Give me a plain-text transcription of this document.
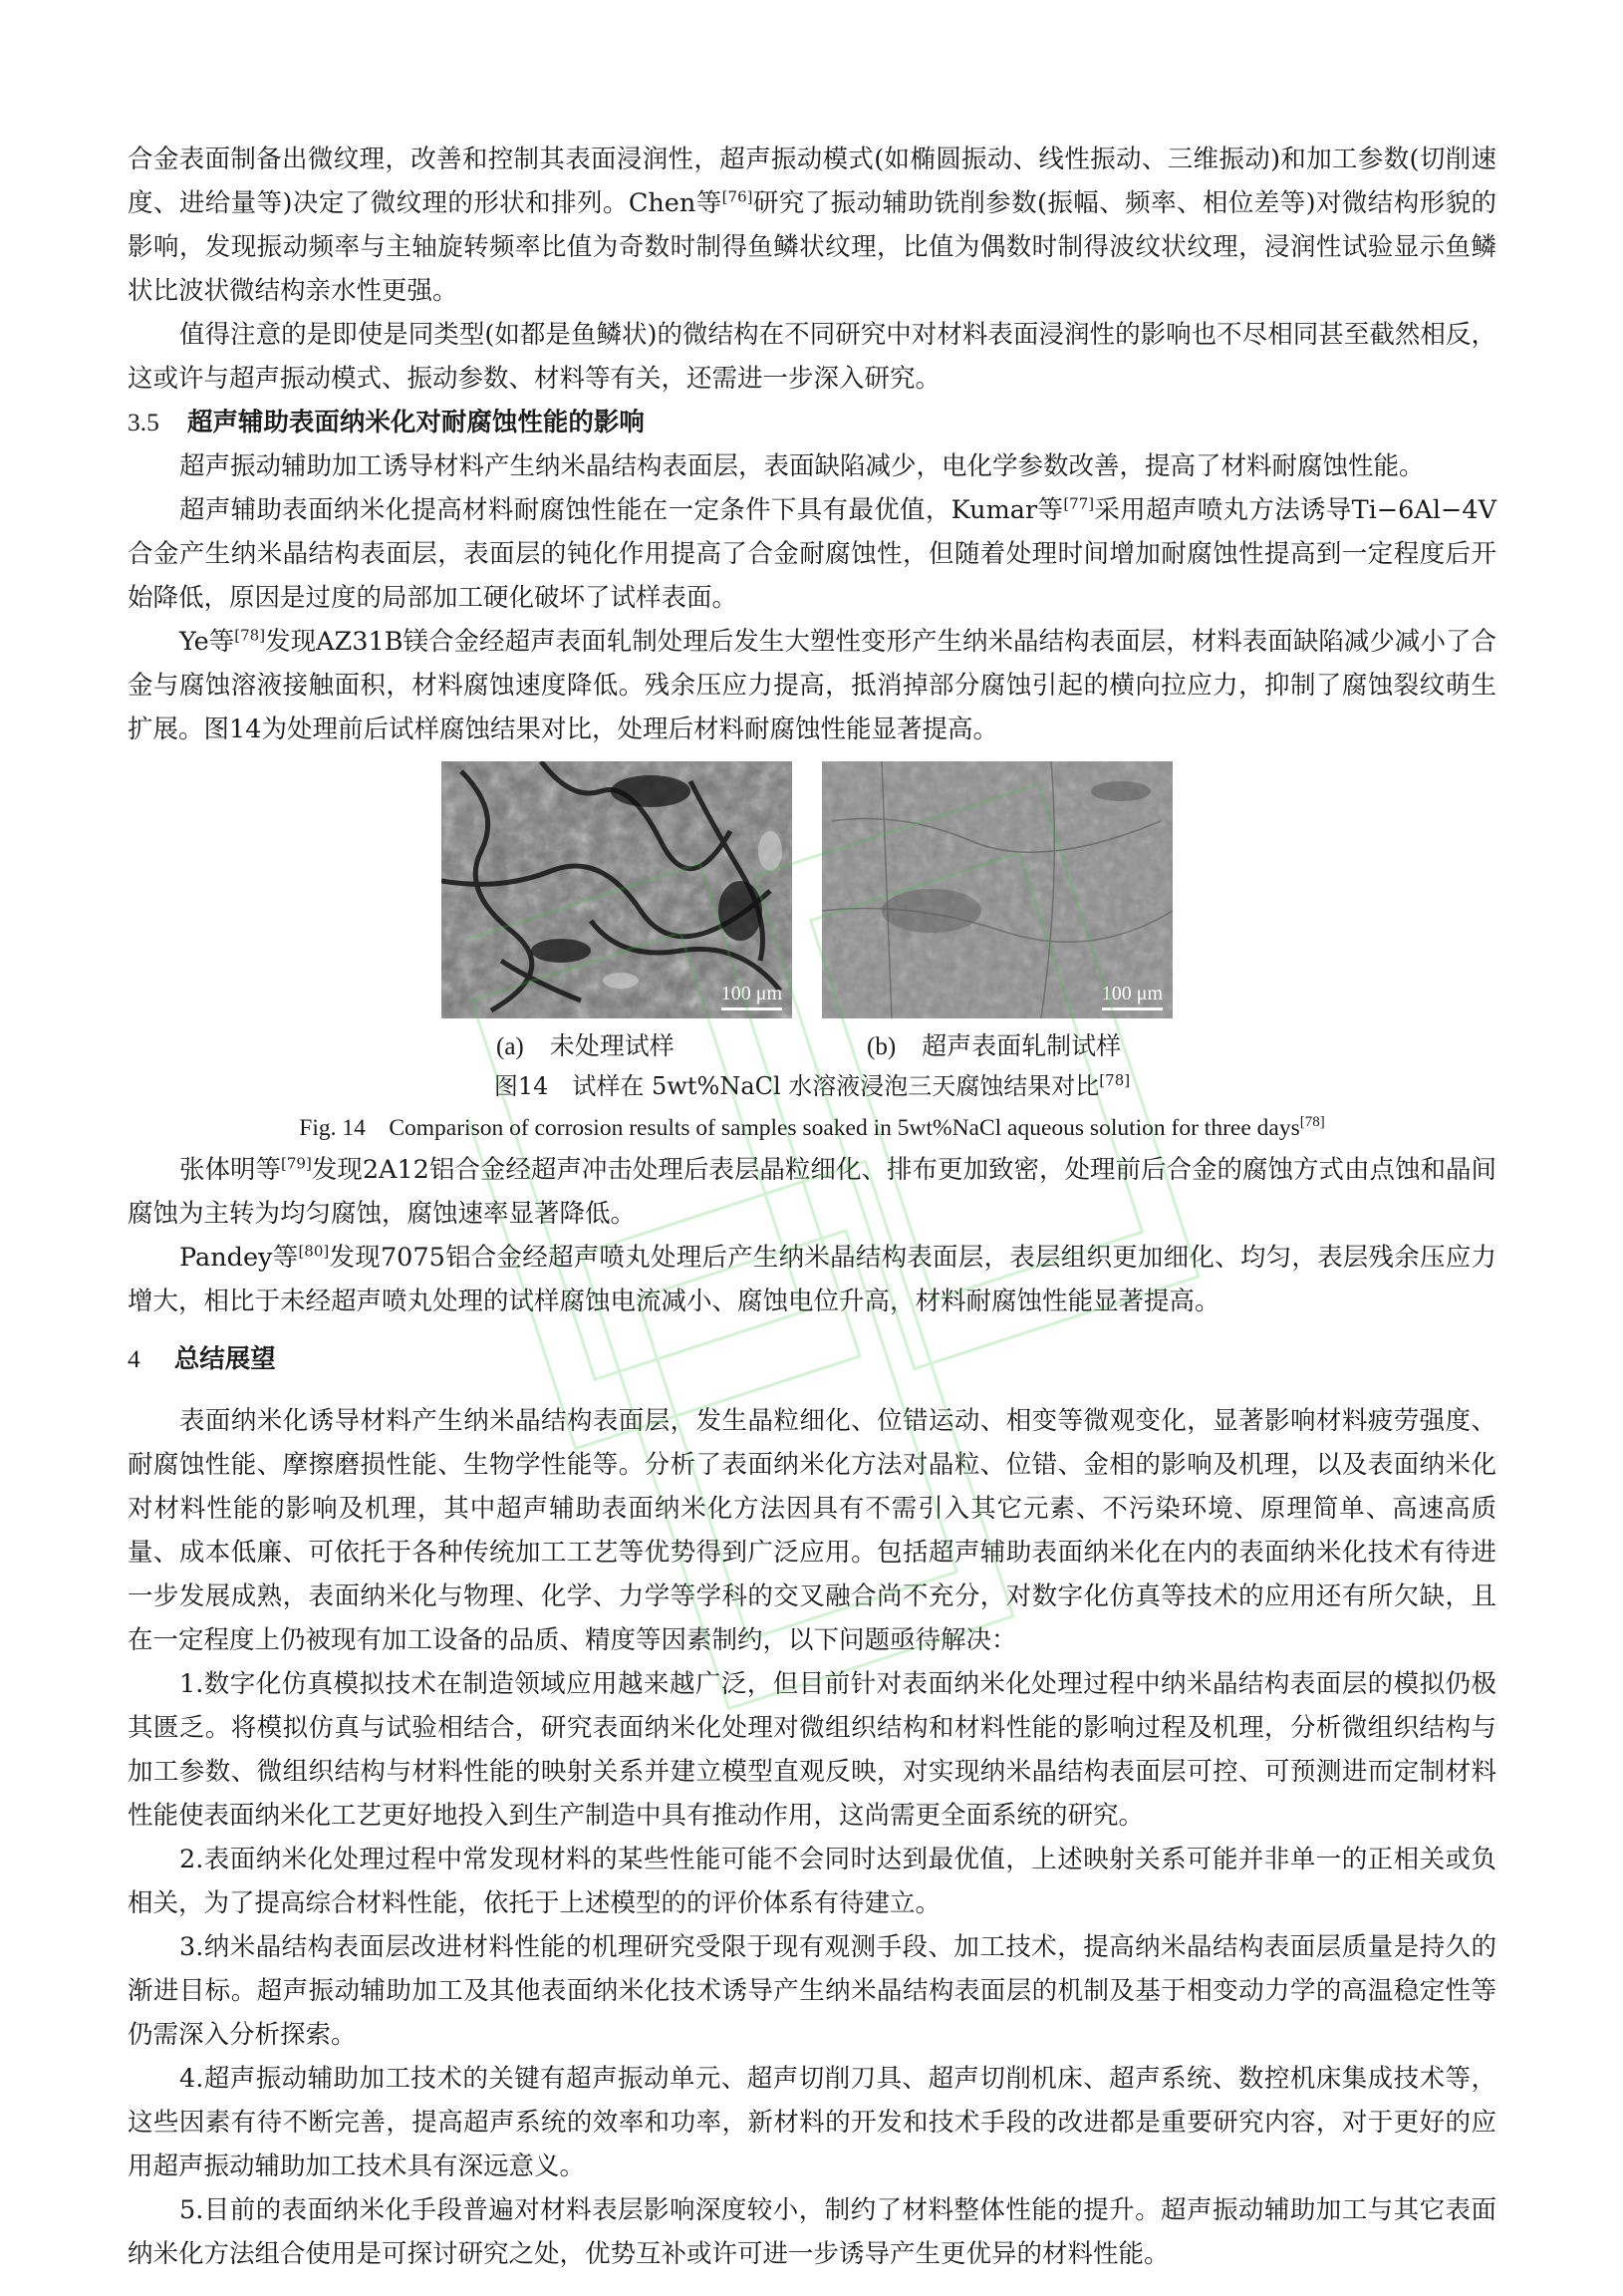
合金表面制备出微纹理，改善和控制其表面浸润性，超声振动模式(如椭圆振动、线性振动、三维振动)和加工参数(切削速度、进给量等)决定了微纹理的形状和排列。Chen等[76]研究了振动辅助铣削参数(振幅、频率、相位差等)对微结构形貌的影响，发现振动频率与主轴旋转频率比值为奇数时制得鱼鳞状纹理，比值为偶数时制得波纹状纹理，浸润性试验显示鱼鳞状比波状微结构亲水性更强。

值得注意的是即使是同类型(如都是鱼鳞状)的微结构在不同研究中对材料表面浸润性的影响也不尽相同甚至截然相反，这或许与超声振动模式、振动参数、材料等有关，还需进一步深入研究。

3.5 超声辅助表面纳米化对耐腐蚀性能的影响

超声振动辅助加工诱导材料产生纳米晶结构表面层，表面缺陷减少，电化学参数改善，提高了材料耐腐蚀性能。

超声辅助表面纳米化提高材料耐腐蚀性能在一定条件下具有最优值，Kumar等[77]采用超声喷丸方法诱导Ti−6Al−4V合金产生纳米晶结构表面层，表面层的钝化作用提高了合金耐腐蚀性，但随着处理时间增加耐腐蚀性提高到一定程度后开始降低，原因是过度的局部加工硬化破坏了试样表面。

Ye等[78]发现AZ31B镁合金经超声表面轧制处理后发生大塑性变形产生纳米晶结构表面层，材料表面缺陷减少减小了合金与腐蚀溶液接触面积，材料腐蚀速度降低。残余压应力提高，抵消掉部分腐蚀引起的横向拉应力，抑制了腐蚀裂纹萌生扩展。图14为处理前后试样腐蚀结果对比，处理后材料耐腐蚀性能显著提高。

100 μm	100 μm
(a) 未处理试样	(b) 超声表面轧制试样
图14　试样在 5wt%NaCl 水溶液浸泡三天腐蚀结果对比[78]
Fig. 14　Comparison of corrosion results of samples soaked in 5wt%NaCl aqueous solution for three days[78]

张体明等[79]发现2A12铝合金经超声冲击处理后表层晶粒细化、排布更加致密，处理前后合金的腐蚀方式由点蚀和晶间腐蚀为主转为均匀腐蚀，腐蚀速率显著降低。

Pandey等[80]发现7075铝合金经超声喷丸处理后产生纳米晶结构表面层，表层组织更加细化、均匀，表层残余压应力增大，相比于未经超声喷丸处理的试样腐蚀电流减小、腐蚀电位升高，材料耐腐蚀性能显著提高。

4 总结展望

表面纳米化诱导材料产生纳米晶结构表面层，发生晶粒细化、位错运动、相变等微观变化，显著影响材料疲劳强度、耐腐蚀性能、摩擦磨损性能、生物学性能等。分析了表面纳米化方法对晶粒、位错、金相的影响及机理，以及表面纳米化对材料性能的影响及机理，其中超声辅助表面纳米化方法因具有不需引入其它元素、不污染环境、原理简单、高速高质量、成本低廉、可依托于各种传统加工工艺等优势得到广泛应用。包括超声辅助表面纳米化在内的表面纳米化技术有待进一步发展成熟，表面纳米化与物理、化学、力学等学科的交叉融合尚不充分，对数字化仿真等技术的应用还有所欠缺，且在一定程度上仍被现有加工设备的品质、精度等因素制约，以下问题亟待解决：

1.数字化仿真模拟技术在制造领域应用越来越广泛，但目前针对表面纳米化处理过程中纳米晶结构表面层的模拟仍极其匮乏。将模拟仿真与试验相结合，研究表面纳米化处理对微组织结构和材料性能的影响过程及机理，分析微组织结构与加工参数、微组织结构与材料性能的映射关系并建立模型直观反映，对实现纳米晶结构表面层可控、可预测进而定制材料性能使表面纳米化工艺更好地投入到生产制造中具有推动作用，这尚需更全面系统的研究。

2.表面纳米化处理过程中常发现材料的某些性能可能不会同时达到最优值，上述映射关系可能并非单一的正相关或负相关，为了提高综合材料性能，依托于上述模型的的评价体系有待建立。

3.纳米晶结构表面层改进材料性能的机理研究受限于现有观测手段、加工技术，提高纳米晶结构表面层质量是持久的渐进目标。超声振动辅助加工及其他表面纳米化技术诱导产生纳米晶结构表面层的机制及基于相变动力学的高温稳定性等仍需深入分析探索。

4.超声振动辅助加工技术的关键有超声振动单元、超声切削刀具、超声切削机床、超声系统、数控机床集成技术等，这些因素有待不断完善，提高超声系统的效率和功率，新材料的开发和技术手段的改进都是重要研究内容，对于更好的应用超声振动辅助加工技术具有深远意义。

5.目前的表面纳米化手段普遍对材料表层影响深度较小，制约了材料整体性能的提升。超声振动辅助加工与其它表面纳米化方法组合使用是可探讨研究之处，优势互补或许可进一步诱导产生更优异的材料性能。
